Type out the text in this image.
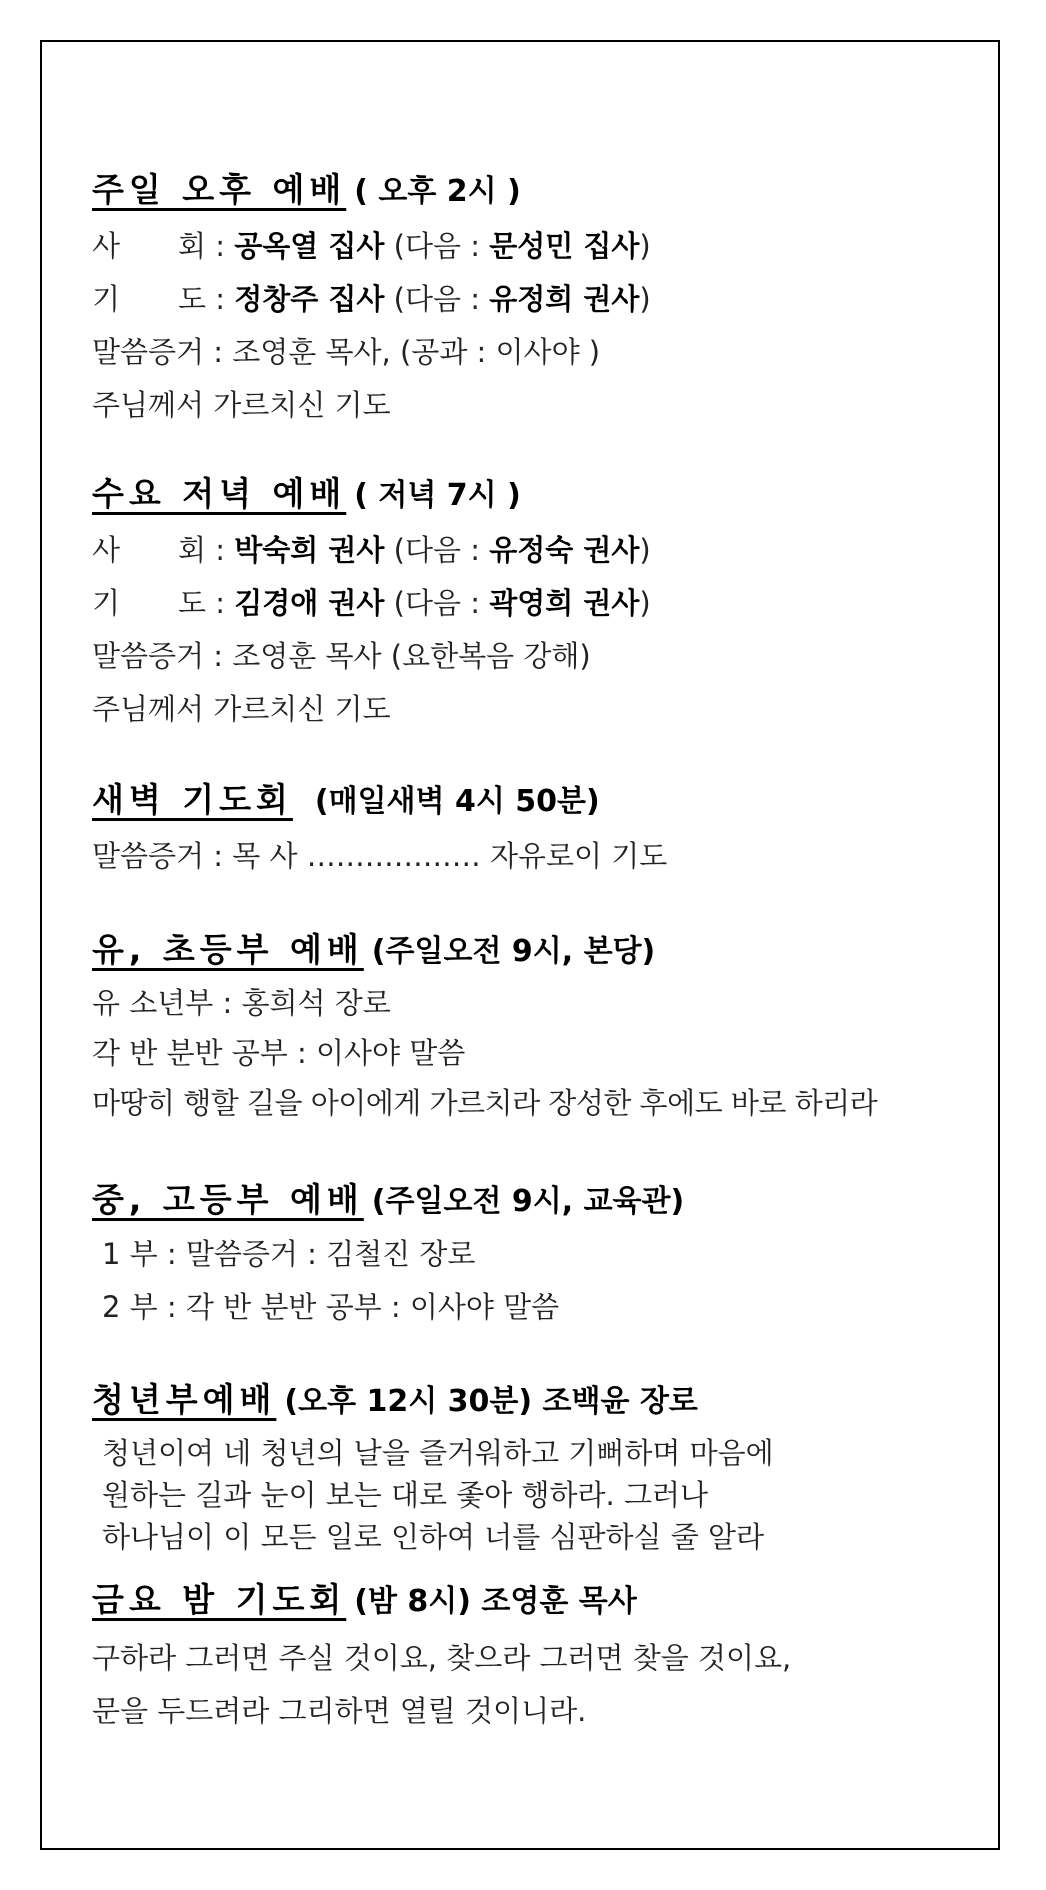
주일 오후 예배 ( 오후 2시 )
사　　회 : 공옥열 집사 (다음 : 문성민 집사)
기　　도 : 정창주 집사 (다음 : 유정희 권사)
말씀증거 : 조영훈 목사, (공과 : 이사야 )
주님께서 가르치신 기도
수요 저녁 예배 ( 저녁 7시 )
사　　회 : 박숙희 권사 (다음 : 유정숙 권사)
기　　도 : 김경애 권사 (다음 : 곽영희 권사)
말씀증거 : 조영훈 목사 (요한복음 강해)
주님께서 가르치신 기도
새벽 기도회 (매일새벽 4시 50분)
말씀증거 : 목 사 ……………… 자유로이 기도
유, 초등부 예배 (주일오전 9시, 본당)
유 소년부 : 홍희석 장로
각 반 분반 공부 : 이사야 말씀
마땅히 행할 길을 아이에게 가르치라 장성한 후에도 바로 하리라
중, 고등부 예배 (주일오전 9시, 교육관)
1 부 : 말씀증거 : 김철진 장로
2 부 : 각 반 분반 공부 : 이사야 말씀
청년부예배 (오후 12시 30분) 조백윤 장로
청년이여 네 청년의 날을 즐거워하고 기뻐하며 마음에
원하는 길과 눈이 보는 대로 좇아 행하라. 그러나
하나님이 이 모든 일로 인하여 너를 심판하실 줄 알라
금요 밤 기도회 (밤 8시) 조영훈 목사
구하라 그러면 주실 것이요, 찾으라 그러면 찾을 것이요,
문을 두드려라 그리하면 열릴 것이니라.
